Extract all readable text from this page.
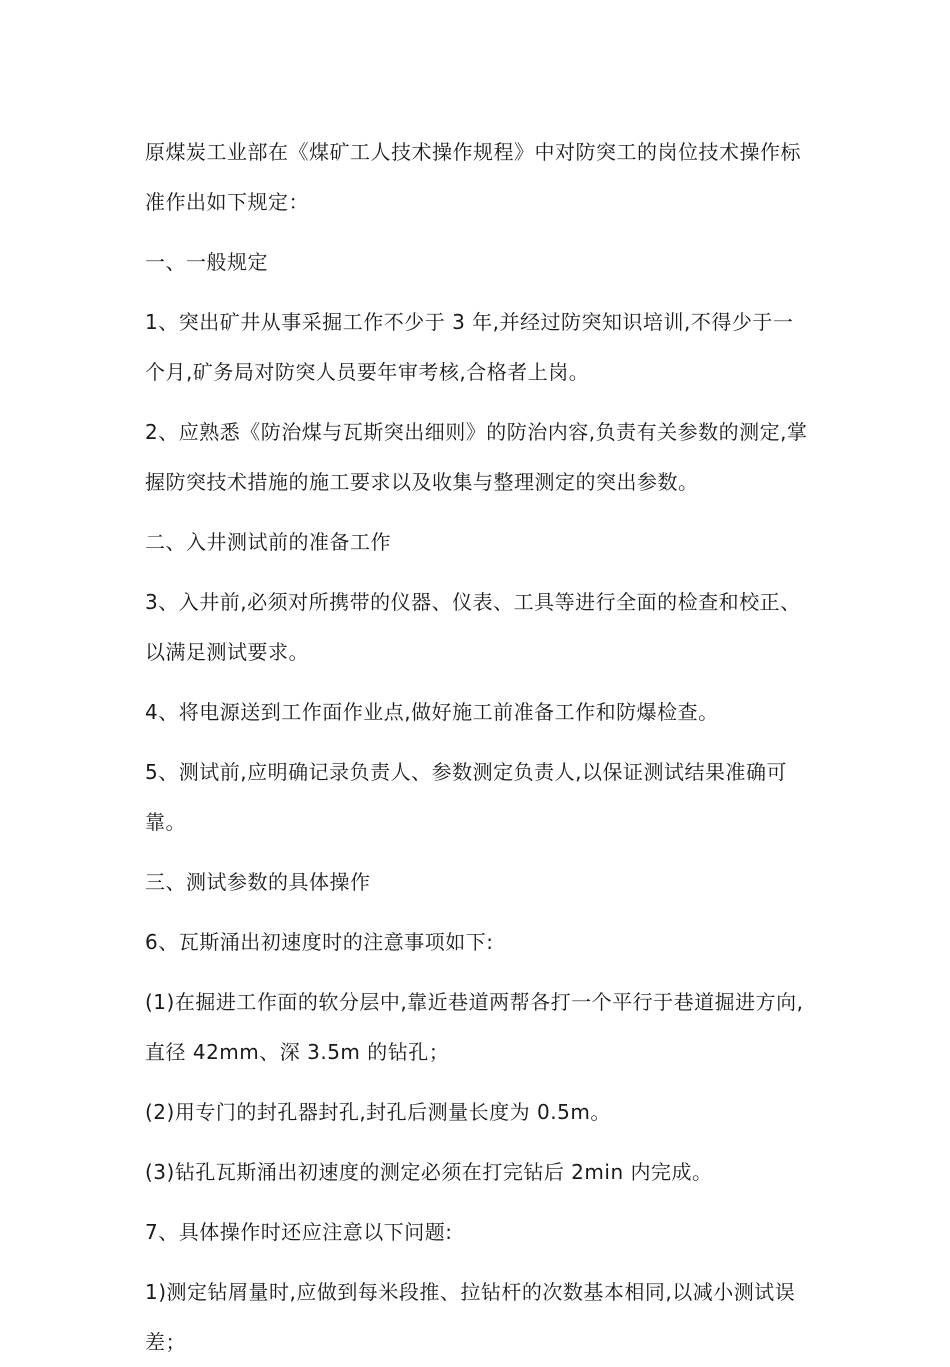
原煤炭工业部在《煤矿工人技术操作规程》中对防突工的岗位技术操作标准作出如下规定：

一、一般规定

1、突出矿井从事采掘工作不少于 3 年,并经过防突知识培训,不得少于一个月,矿务局对防突人员要年审考核,合格者上岗。

2、应熟悉《防治煤与瓦斯突出细则》的防治内容,负责有关参数的测定,掌握防突技术措施的施工要求以及收集与整理测定的突出参数。

二、入井测试前的准备工作

3、入井前,必须对所携带的仪器、仪表、工具等进行全面的检查和校正、以满足测试要求。

4、将电源送到工作面作业点,做好施工前准备工作和防爆检查。

5、测试前,应明确记录负责人、参数测定负责人,以保证测试结果准确可靠。

三、测试参数的具体操作

6、瓦斯涌出初速度时的注意事项如下:

(1)在掘进工作面的软分层中,靠近巷道两帮各打一个平行于巷道掘进方向,直径 42mm、深 3.5m 的钻孔；

(2)用专门的封孔器封孔,封孔后测量长度为 0.5m。

(3)钻孔瓦斯涌出初速度的测定必须在打完钻后 2min 内完成。

7、具体操作时还应注意以下问题:

1)测定钻屑量时,应做到每米段推、拉钻杆的次数基本相同,以减小测试误差；
